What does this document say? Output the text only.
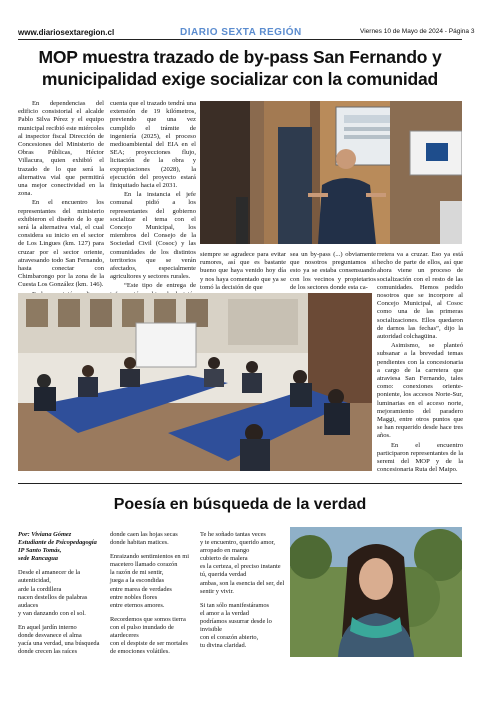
www.diariosextaregion.cl	DIARIO SEXTA REGIÓN	Viernes 10 de Mayo de 2024 - Página 3
MOP muestra trazado de by-pass San Fernando y
municipalidad exige socializar con la comunidad

En dependencias del edificio consistorial el alcalde Pablo Silva Pérez y el equipo municipal recibió este miércoles al inspector fiscal Dirección de Concesiones del Ministerio de Obras Públicas, Héctor Villacura, quien exhibió el trazado de lo que será la alternativa vial que permitirá una mejor conectividad en la zona.

En el encuentro los representantes del ministerio exhibieron el diseño de lo que será la alternativa vial, el cual considera su inicio en el sector de Los Lingues (km. 127) para cruzar por el sector oriente, atravesando todo San Fernando, hasta conectar con Chimbarongo por la zona de la Cuesta Los González (km. 146).

cuenta que el trazado tendrá una extensión de 19 kilómetros, previendo que una vez cumplido el trámite de ingeniería (2025), el proceso medioambiental del EIA en el SEA; proyecciones flujo, licitación de la obra y expropiaciones (2028), la ejecución del proyecto estará finiquitado hacia el 2031.

En la instancia el jefe comunal pidió a los representantes del gobierno socializar el tema con el Concejo Municipal, los miembros del Consejo de la Sociedad Civil (Cosoc) y las comunidades de los distintos territorios que se verán afectados, especialmente agricultores y sectores rurales.

“Este tipo de entrega de

siempre se agradece para evitar rumores, así que es bastante bueno que haya venido hoy día y nos haya comentado que ya se tomó la decisión de que

sea un by-pass (...) obviamente que nosotros preguntamos si esto ya se estaba consensuando con los vecinos y propietarios de los sectores donde esta ca-

rretera va a cruzar. Eso ya está hecho de parte de ellos, así que ahora viene un proceso de socialización con el resto de las comunidades. Hemos pedido nosotros que se incorpore al Concejo Municipal, al Cosoc como una de las primeras socializaciones. Ellos quedaron de darnos las fechas”, dijo la autoridad colchagüina.

Asimismo, se planteó subsanar a la brevedad temas pendientes con la concesionaria a cargo de la carretera que atraviesa San Fernando, tales como: conexiones oriente-poniente, los accesos Norte-Sur, luminarias en el acceso norte, mejoramiento del paradero Maggi, entre otros puntos que se han requerido desde hace tres años.

En el encuentro participaron representantes de la seremi del MOP y de la concesionaria Ruta del Maipo.

Poesía en búsqueda de la verdad
Por: Viviana Gómez
Estudiante de Psicopedagogía
IP Santo Tomás,
sede Rancagua

Desde el amanecer de la autenticidad,
arde la cordillera
nacen destellos de palabras audaces
y van danzando con el sol.

En aquel jardín interno
donde desvanece el alma
yacía una verdad, una búsqueda
donde crecen las raíces

donde caen las hojas secas
donde habitan matices.

Enraizando sentimientos en mi
macetero llamado corazón
la razón de mi sentir,
juega a la escondidas
entre marea de verdades
entre nobles flores
entre eternos amores.

Recordemos que somos tierra
con el pulso inundado de atardeceres
con el despiste de ser mortales
de emociones volátiles.

Te he soñado tantas veces
y te encuentro, querido amor,
arropado en mango
cubierto de malera
es la certeza, el preciso instante
tú, querida verdad
ambas, son la esencia del ser, del
sentir y vivir.

Si tan sólo manifestáramos
el amor a la verdad
podríamos susurrar desde lo invisible
con el corazón abierto,
tu divina claridad.
